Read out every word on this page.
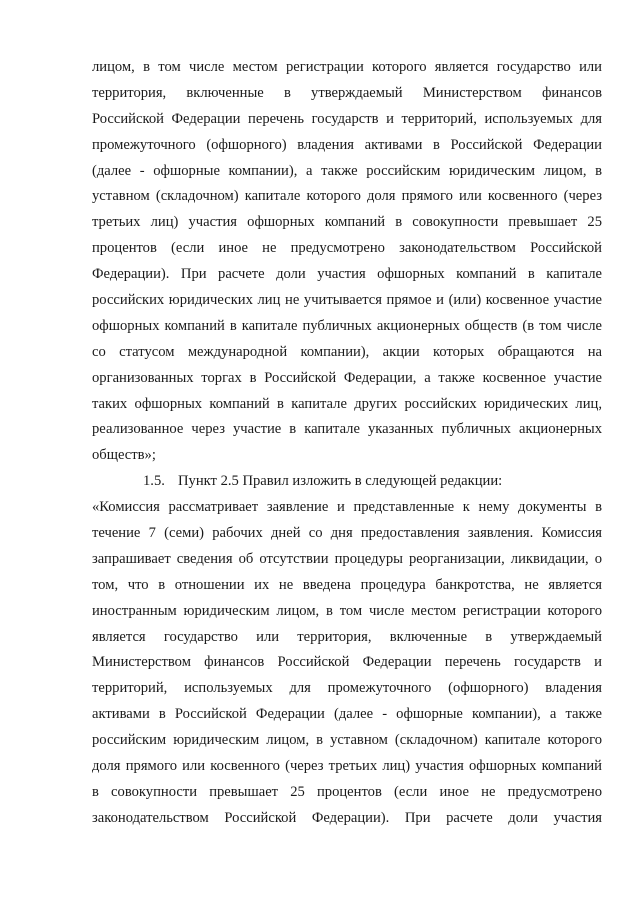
лицом, в том числе местом регистрации которого является государство или
территория, включенные в утверждаемый Министерством финансов
Российской Федерации перечень государств и территорий, используемых для
промежуточного (офшорного) владения активами в Российской Федерации
(далее - офшорные компании), а также российским юридическим лицом, в
уставном (складочном) капитале которого доля прямого или косвенного (через
третьих лиц) участия офшорных компаний в совокупности превышает 25
процентов (если иное не предусмотрено законодательством Российской
Федерации). При расчете доли участия офшорных компаний в капитале
российских юридических лиц не учитывается прямое и (или) косвенное участие
офшорных компаний в капитале публичных акционерных обществ (в том числе
со статусом международной компании), акции которых обращаются на
организованных торгах в Российской Федерации, а также косвенное участие
таких офшорных компаний в капитале других российских юридических лиц,
реализованное через участие в капитале указанных публичных акционерных
обществ»;
1.5. Пункт 2.5 Правил изложить в следующей редакции:
«Комиссия рассматривает заявление и представленные к нему документы в
течение 7 (семи) рабочих дней со дня предоставления заявления. Комиссия
запрашивает сведения об отсутствии процедуры реорганизации, ликвидации, о
том, что в отношении их не введена процедура банкротства, не является
иностранным юридическим лицом, в том числе местом регистрации которого
является государство или территория, включенные в утверждаемый
Министерством финансов Российской Федерации перечень государств и
территорий, используемых для промежуточного (офшорного) владения
активами в Российской Федерации (далее - офшорные компании), а также
российским юридическим лицом, в уставном (складочном) капитале которого
доля прямого или косвенного (через третьих лиц) участия офшорных компаний
в совокупности превышает 25 процентов (если иное не предусмотрено
законодательством Российской Федерации). При расчете доли участия
